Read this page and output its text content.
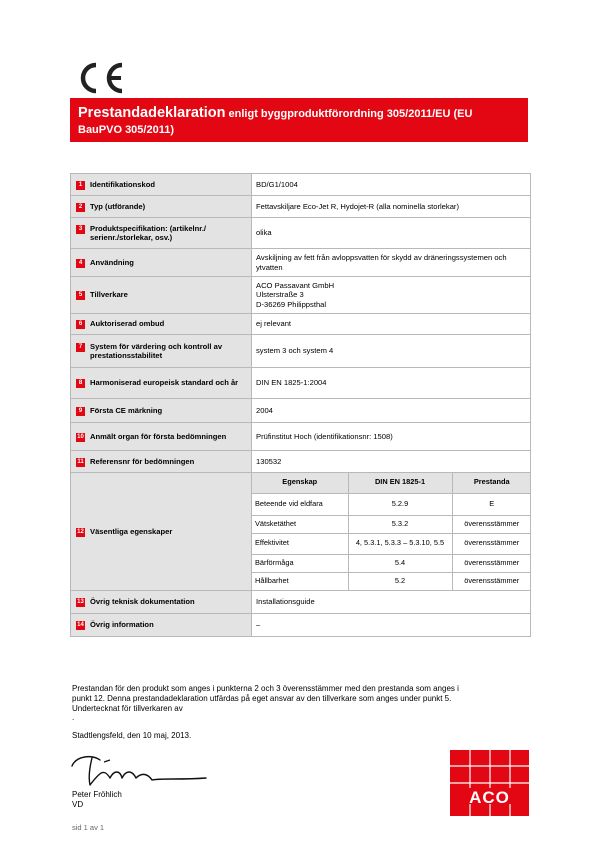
Prestandadeklaration enligt byggproduktförordning 305/2011/EU (EU
BauPVO 305/2011)
1	Identifikationskod	BD/G1/1004

2	Typ (utförande)	Fettavskiljare Eco-Jet R, Hydojet-R (alla nominella storlekar)

3	Produktspecifikation: (artikelnr./ serienr./storlekar, osv.)
	olika

4	Användning
	Avskiljning av fett från avloppsvatten för skydd av dräneringssystemen och ytvatten

5	Tillverkare

ACO Passavant GmbH
Ulsterstraße 3
D-36269 Philippsthal

6	Auktoriserad ombud	ej relevant

7	System för värdering och kontroll av prestationsstabilitet
	system 3 och system 4

8	Harmoniserad europeisk standard och år	DIN EN 1825-1:2004

9	Första CE märkning	2004

10 Anmält organ för första bedömningen	Prüfinstitut Hoch (identifikationsnr: 1508)

11 Referensnr för bedömningen	130532

12 Väsentliga egenskaper

Egenskap	DIN EN 1825-1	Prestanda
Beteende vid eldfara	5.2.9	E
Vätsketäthet	5.3.2	överensstämmer
Effektivitet	4, 5.3.1, 5.3.3 – 5.3.10, 5.5	överensstämmer
Bärförmåga	5.4	överensstämmer
Hållbarhet	5.2	överensstämmer

13 Övrig teknisk dokumentation	Installationsguide

14 Övrig information	–
Prestandan för den produkt som anges i punkterna 2 och 3 överensstämmer med den prestanda som anges i
punkt 12. Denna prestandadeklaration utfärdas på eget ansvar av den tillverkare som anges under punkt 5.
Undertecknat för tillverkaren av
.
Stadtlengsfeld, den 10 maj, 2013.
Peter Fröhlich
VD
sid 1 av 1
ACO
